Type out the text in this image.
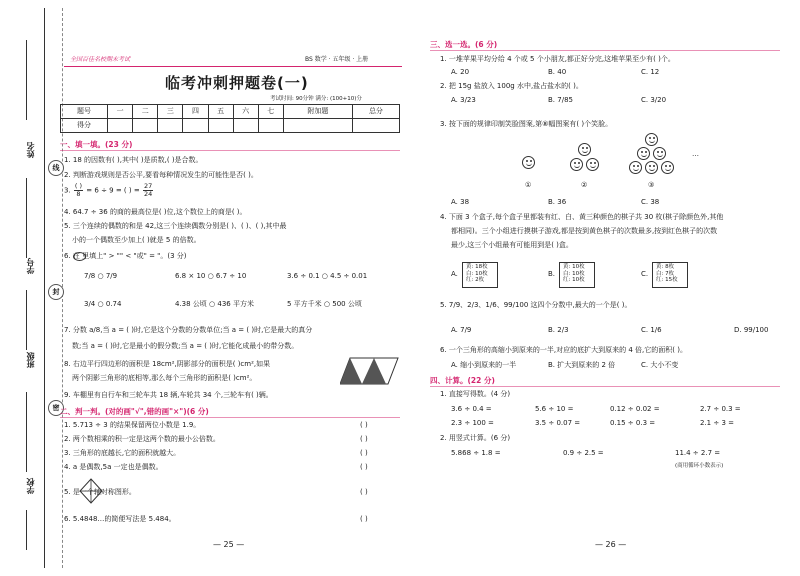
姓名
学号
班级
学校
线
封
密
全国百佳名校期末考试	BS 数学 · 五年级 · 上册
临考冲刺押题卷(一)
考试时间: 90分钟 满分: (100+10)分
题号	一	二	三	四	五	六	七	附加题	总分
得分									
一、填一填。(23 分)
1. 18 的因数有( ),其中( )是质数,( )是合数。
2. 判断游戏规则是否公平,要看每种情况发生的可能性是否( )。
3. $\frac{( )}{8} = 6 \div 9$ = ( ) = $\frac{27}{24}$
4. 64.7 ÷ 36 的商的最高位是( )位,这个数位上的商是( )。
5. 三个连续的偶数的和是 42,这三个连续偶数分别是( )、( )、( ),其中最
小的一个偶数至少加上( )就是 5 的倍数。
6. 在 里填上" > "" < "或" = "。(3 分)
7/8 ○ 7/9	6.8 × 10 ○ 6.7 ÷ 10	3.6 ÷ 0.1 ○ 4.5 ÷ 0.01
3/4 ○ 0.74	4.38 公顷 ○ 436 平方米	5 平方千米 ○ 500 公顷
7. 分数 a/8,当 a = ( )时,它是这个分数的分数单位;当 a = ( )时,它是最大的真分
数;当 a = ( )时,它是最小的假分数;当 a = ( )时,它能化成最小的带分数。
8. 右边平行四边形的面积是 18cm²,阴影部分的面积是( )cm²,如果
两个阴影三角形的底相等,那么每个三角形的面积是( )cm²。
9. 车棚里有自行车和三轮车共 18 辆,车轮共 34 个,三轮车有( )辆。
二、判一判。(对的画"√",错的画"×")(6 分)
1. 5.713 ÷ 3 的结果保留两位小数是 1.9。	( )
2. 两个数相乘的积一定是这两个数的最小公倍数。	( )
3. 三角形的底越长,它的面积就越大。	( )
4. a 是偶数,5a 一定也是偶数。	( )
5. 是一个轴对称图形。	( )
6. 5.4848…的简便写法是 5.484。	( )
— 25 —
三、选一选。(6 分)
1. 一堆苹果平均分给 4 个或 5 个小朋友,都正好分完,这堆苹果至少有( )个。
A. 20	B. 40	C. 12
2. 把 15g 盐放入 100g 水中,盐占盐水的( )。
A. 3/23	B. 7/85	C. 3/20
3. 按下面的规律印制笑脸图案,第⑧幅图案有( )个笑脸。
…
①	②	③
A. 38	B. 36	C. 38
4. 下面 3 个盒子,每个盒子里都装有红、白、黄三种颜色的棋子共 30 枚(棋子除颜色外,其他
都相同)。三个小组进行摸棋子游戏,都是按到黄色棋子的次数最多,按到红色棋子的次数
最少,这三个小组最有可能用到是( )盒。
A.
黄: 18枚
白: 10枚
红: 2枚
B.
黄: 10枚
白: 10枚
红: 10枚
C.
黄: 8枚
白: 7枚
红: 15枚
5. 7/9、2/3、1/6、99/100 这四个分数中,最大的一个是( )。
A. 7/9	B. 2/3	C. 1/6	D. 99/100
6. 一个三角形的高缩小到原来的一半,对应的底扩大到原来的 4 倍,它的面积( )。
A. 缩小到原来的一半	B. 扩大到原来的 2 倍	C. 大小不变
四、计算。(22 分)
1. 直接写得数。(4 分)
3.6 ÷ 0.4 =	5.6 ÷ 10 =	0.12 ÷ 0.02 =	2.7 ÷ 0.3 =
2.3 ÷ 100 =	3.5 ÷ 0.07 =	0.15 ÷ 0.3 =	2.1 ÷ 3 =
2. 用竖式计算。(6 分)
5.868 ÷ 1.8 =	0.9 ÷ 2.5 =	11.4 ÷ 2.7 =
(商用循环小数表示)
— 26 —
